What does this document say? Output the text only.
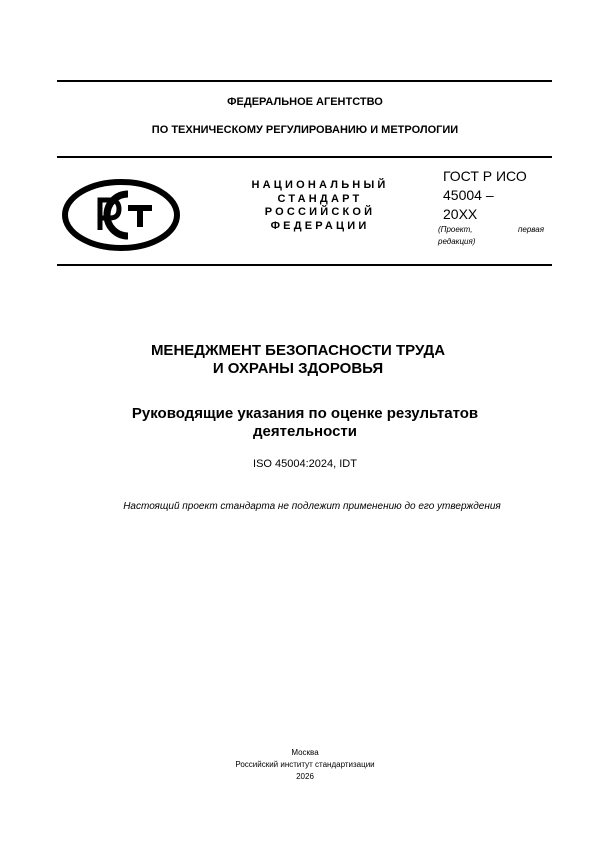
ФЕДЕРАЛЬНОЕ АГЕНТСТВО
ПО ТЕХНИЧЕСКОМУ РЕГУЛИРОВАНИЮ И МЕТРОЛОГИИ
НАЦИОНАЛЬНЫЙ
СТАНДАРТ
РОССИЙСКОЙ
ФЕДЕРАЦИИ
ГОСТ Р ИСО
45004 –
20ХХ
(Проект,	первая

редакция)
МЕНЕДЖМЕНТ БЕЗОПАСНОСТИ ТРУДА
И ОХРАНЫ ЗДОРОВЬЯ
Руководящие указания по оценке результатов
деятельности
ISO 45004:2024, IDT
Настоящий проект стандарта не подлежит применению до его утверждения
Москва
Российский институт стандартизации
2026
